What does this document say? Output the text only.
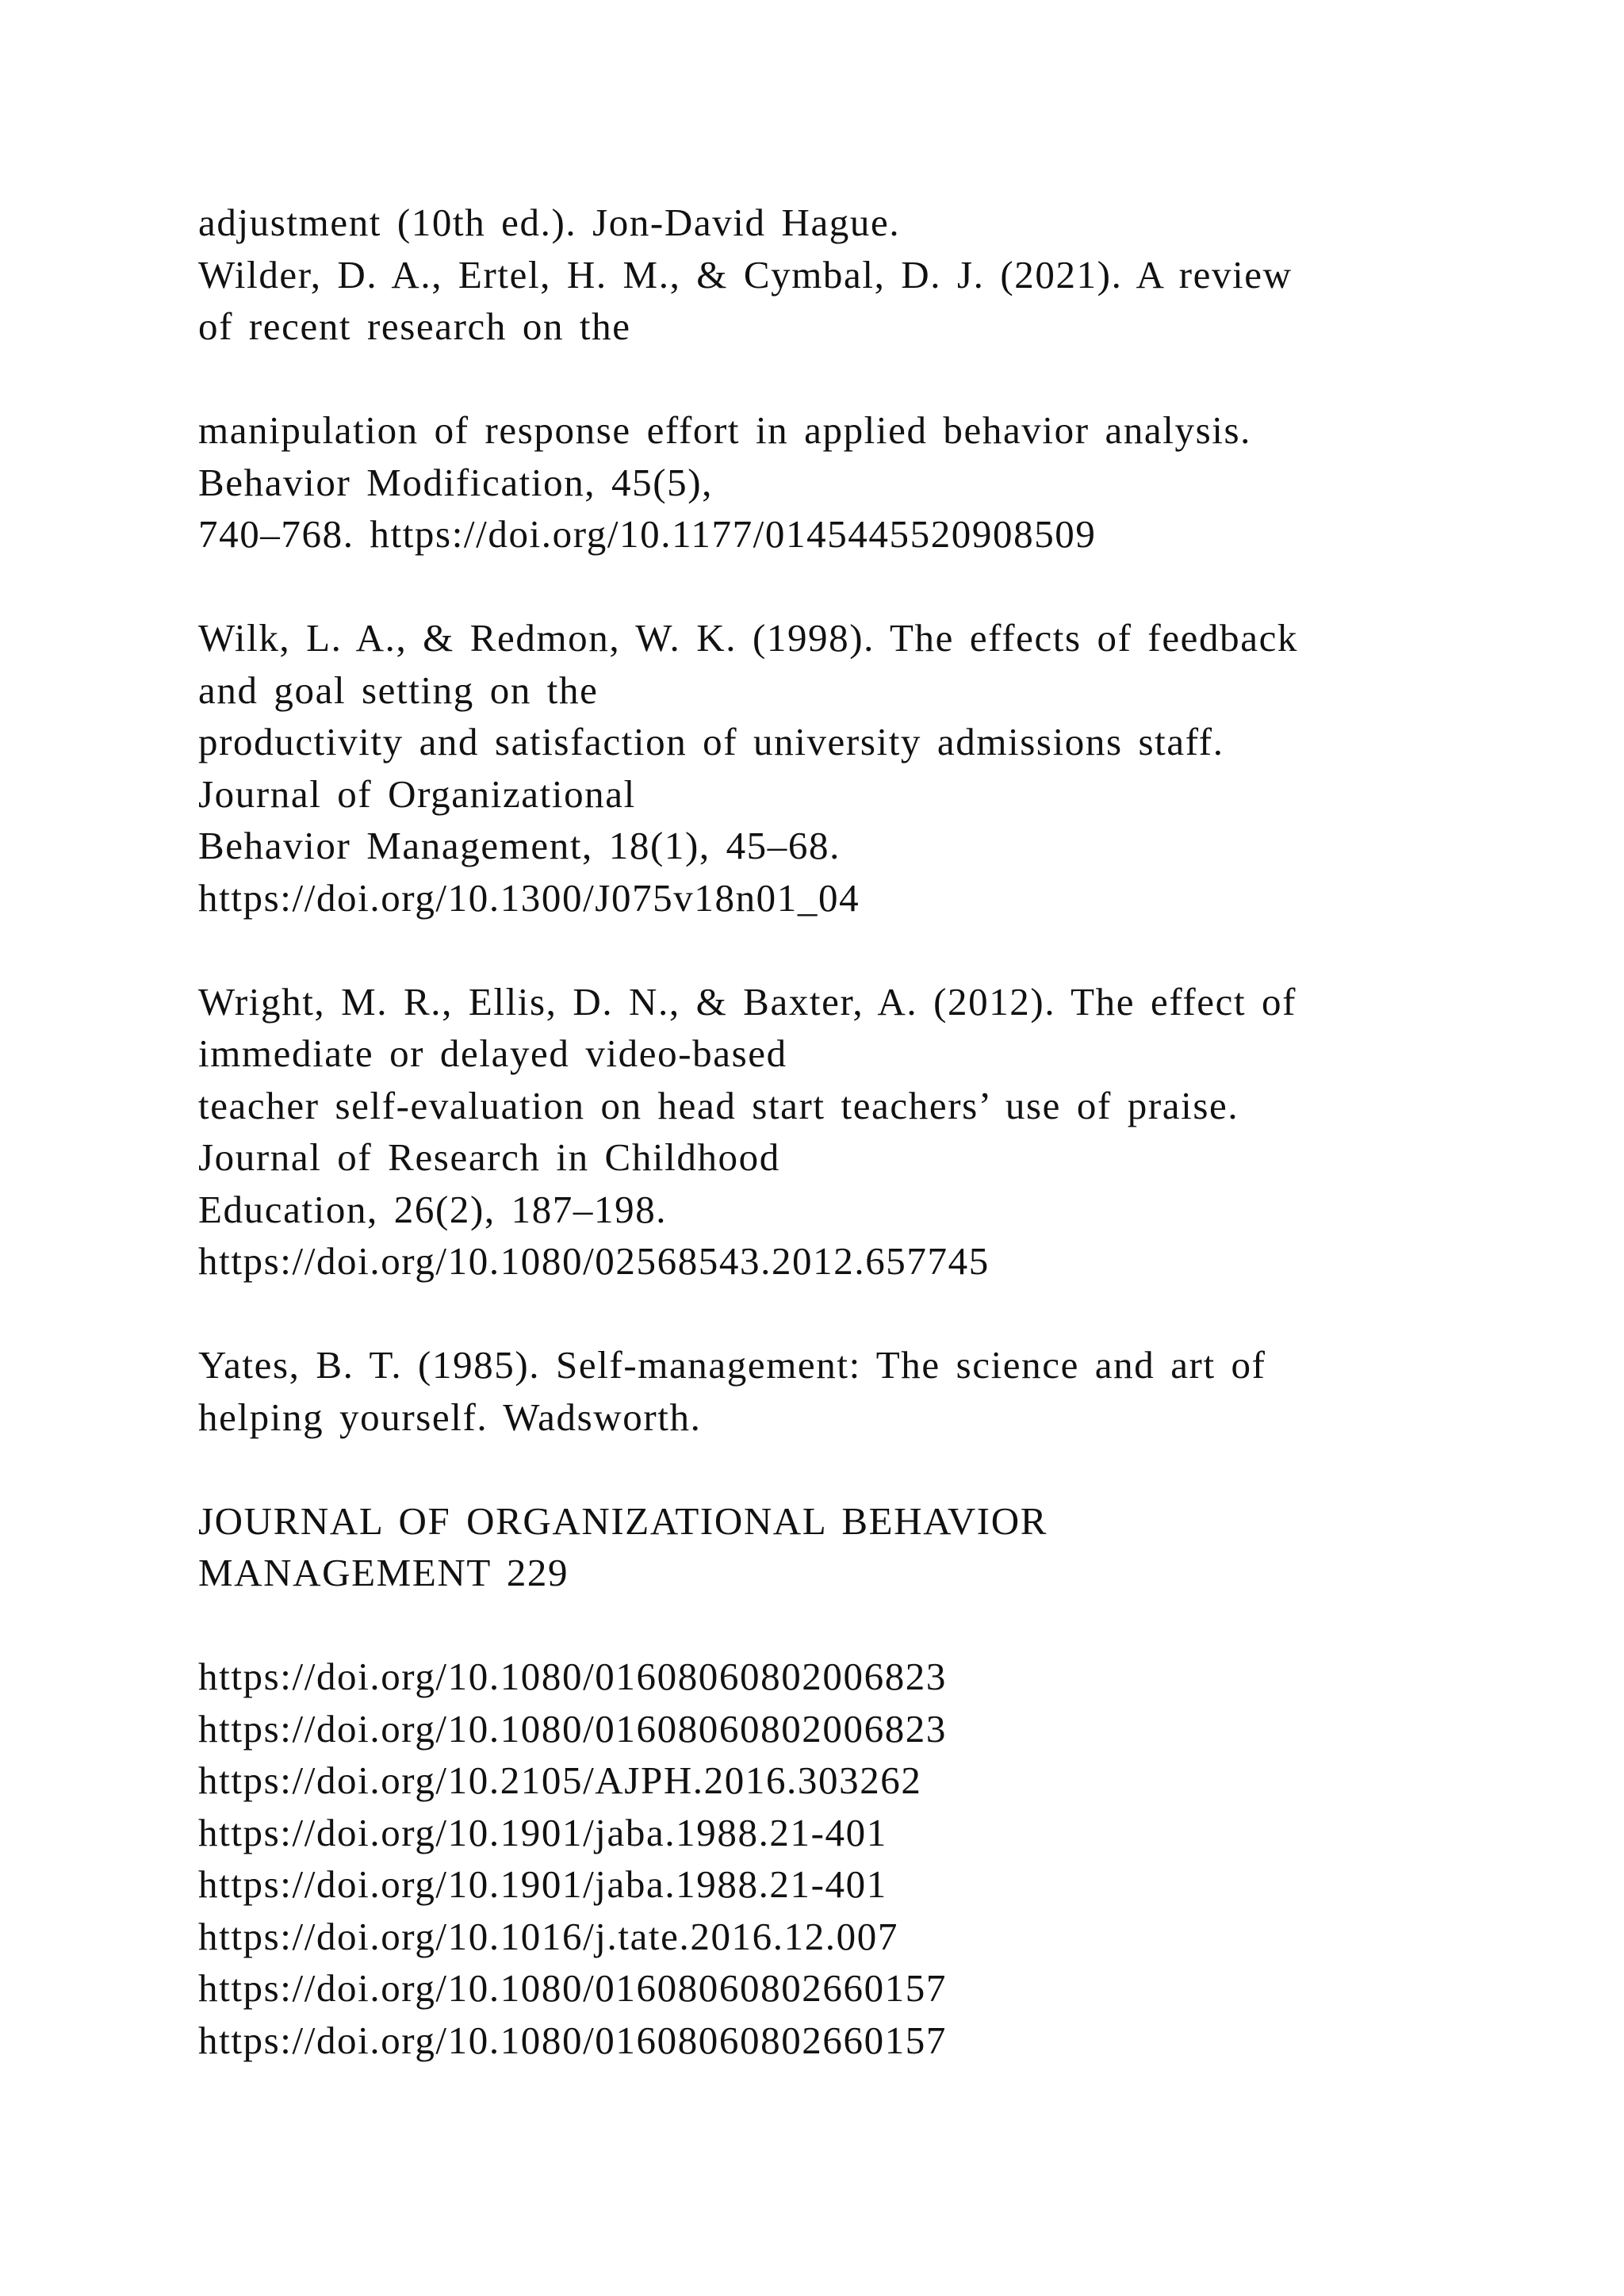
adjustment (10th ed.). Jon-David Hague.
Wilder, D. A., Ertel, H. M., & Cymbal, D. J. (2021). A review
of recent research on the
manipulation of response effort in applied behavior analysis.
Behavior Modification, 45(5),
740–768. https://doi.org/10.1177/0145445520908509
Wilk, L. A., & Redmon, W. K. (1998). The effects of feedback
and goal setting on the
productivity and satisfaction of university admissions staff.
Journal of Organizational
Behavior Management, 18(1), 45–68.
https://doi.org/10.1300/J075v18n01_04
Wright, M. R., Ellis, D. N., & Baxter, A. (2012). The effect of
immediate or delayed video-based
teacher self-evaluation on head start teachers’ use of praise.
Journal of Research in Childhood
Education, 26(2), 187–198.
https://doi.org/10.1080/02568543.2012.657745
Yates, B. T. (1985). Self-management: The science and art of
helping yourself. Wadsworth.
JOURNAL OF ORGANIZATIONAL BEHAVIOR
MANAGEMENT 229
https://doi.org/10.1080/01608060802006823
https://doi.org/10.1080/01608060802006823
https://doi.org/10.2105/AJPH.2016.303262
https://doi.org/10.1901/jaba.1988.21-401
https://doi.org/10.1901/jaba.1988.21-401
https://doi.org/10.1016/j.tate.2016.12.007
https://doi.org/10.1080/01608060802660157
https://doi.org/10.1080/01608060802660157
